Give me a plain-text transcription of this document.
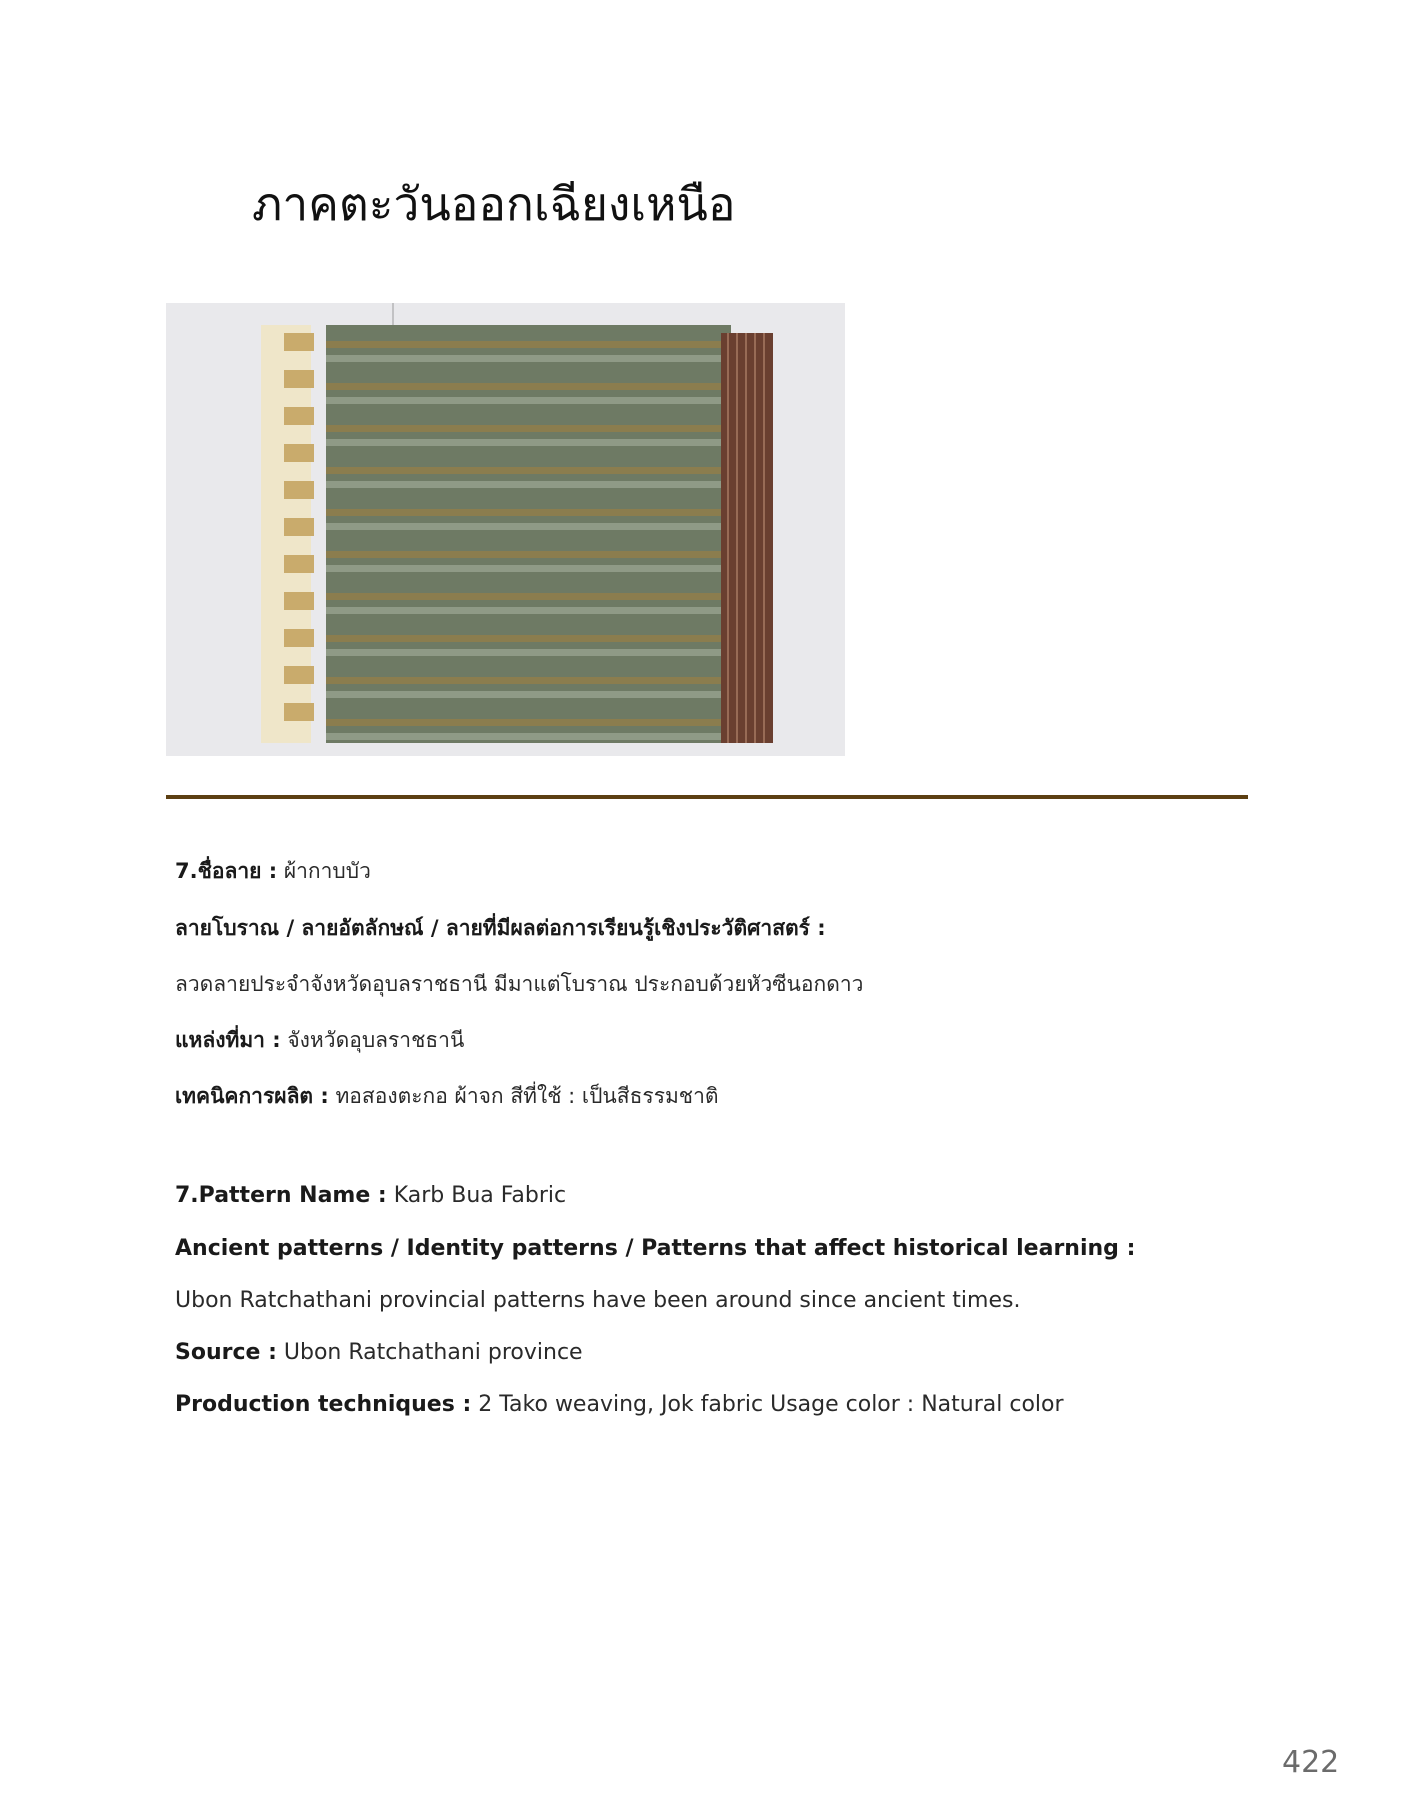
ภาคตะวันออกเฉียงเหนือ
7.ชื่อลาย : ผ้ากาบบัว
ลายโบราณ / ลายอัตลักษณ์ / ลายที่มีผลต่อการเรียนรู้เชิงประวัติศาสตร์ :
ลวดลายประจำจังหวัดอุบลราชธานี มีมาแต่โบราณ ประกอบด้วยหัวซีนอกดาว
แหล่งที่มา : จังหวัดอุบลราชธานี
เทคนิคการผลิต : ทอสองตะกอ ผ้าจก สีที่ใช้ : เป็นสีธรรมชาติ
7.Pattern Name : Karb Bua Fabric
Ancient patterns / Identity patterns / Patterns that affect historical learning :
Ubon Ratchathani provincial patterns have been around since ancient times.
Source : Ubon Ratchathani province
Production techniques : 2 Tako weaving, Jok fabric Usage color : Natural color
422
